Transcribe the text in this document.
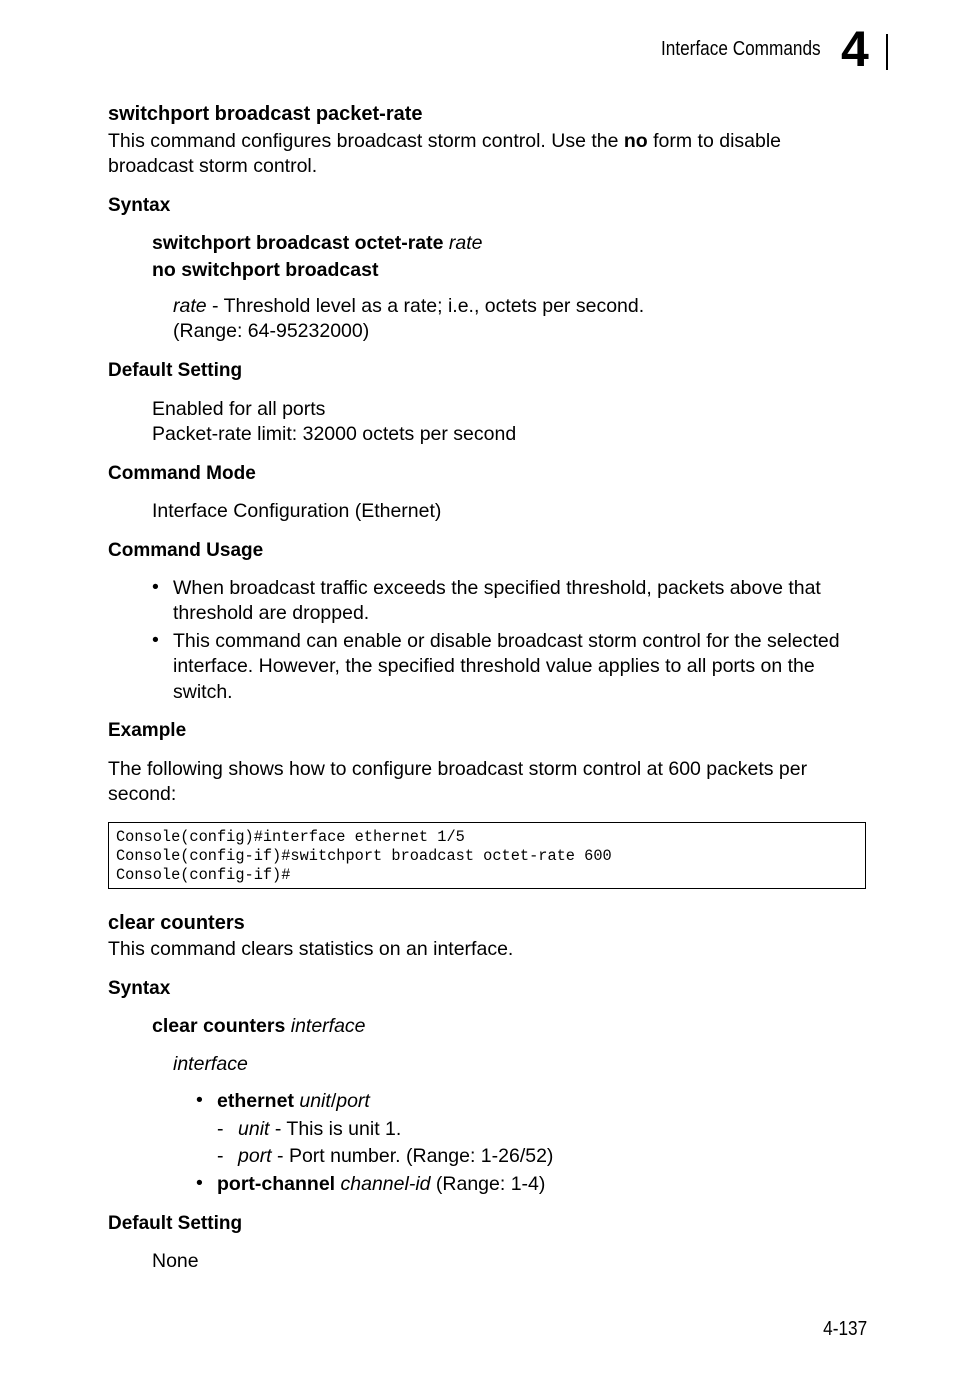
Interface Commands 4
switchport broadcast packet-rate
This command configures broadcast storm control. Use the no form to disable
broadcast storm control.
Syntax
switchport broadcast octet-rate rate
no switchport broadcast
rate - Threshold level as a rate; i.e., octets per second.
(Range: 64-95232000)
Default Setting
Enabled for all ports
Packet-rate limit: 32000 octets per second
Command Mode
Interface Configuration (Ethernet)
Command Usage
• When broadcast traffic exceeds the specified threshold, packets above that
threshold are dropped.
• This command can enable or disable broadcast storm control for the selected
interface. However, the specified threshold value applies to all ports on the
switch.
Example
The following shows how to configure broadcast storm control at 600 packets per
second:
Console(config)#interface ethernet 1/5
Console(config-if)#switchport broadcast octet-rate 600
Console(config-if)#
clear counters
This command clears statistics on an interface.
Syntax
clear counters interface
interface
• ethernet unit/port
- unit - This is unit 1.
- port - Port number. (Range: 1-26/52)
• port-channel channel-id (Range: 1-4)
Default Setting
None
4-137
